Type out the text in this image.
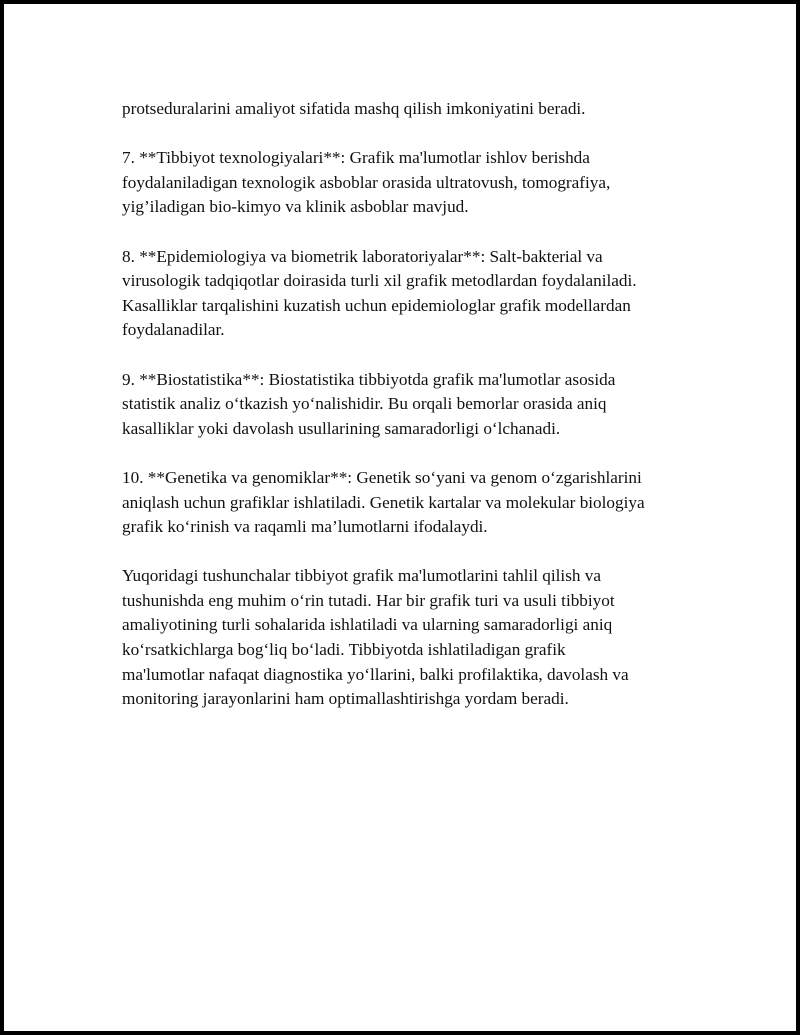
protseduralarini amaliyot sifatida mashq qilish imkoniyatini beradi.

7. **Tibbiyot texnologiyalari**: Grafik ma'lumotlar ishlov berishda
foydalaniladigan texnologik asboblar orasida ultratovush, tomografiya,
yig’iladigan bio-kimyo va klinik asboblar mavjud.

8. **Epidemiologiya va biometrik laboratoriyalar**: Salt-bakterial va
virusologik tadqiqotlar doirasida turli xil grafik metodlardan foydalaniladi.
Kasalliklar tarqalishini kuzatish uchun epidemiologlar grafik modellardan
foydalanadilar.

9. **Biostatistika**: Biostatistika tibbiyotda grafik ma'lumotlar asosida
statistik analiz o‘tkazish yo‘nalishidir. Bu orqali bemorlar orasida aniq
kasalliklar yoki davolash usullarining samaradorligi o‘lchanadi.

10. **Genetika va genomiklar**: Genetik so‘yani va genom o‘zgarishlarini
aniqlash uchun grafiklar ishlatiladi. Genetik kartalar va molekular biologiya
grafik ko‘rinish va raqamli ma’lumotlarni ifodalaydi.

Yuqoridagi tushunchalar tibbiyot grafik ma'lumotlarini tahlil qilish va
tushunishda eng muhim o‘rin tutadi. Har bir grafik turi va usuli tibbiyot
amaliyotining turli sohalarida ishlatiladi va ularning samaradorligi aniq
ko‘rsatkichlarga bog‘liq bo‘ladi. Tibbiyotda ishlatiladigan grafik
ma'lumotlar nafaqat diagnostika yo‘llarini, balki profilaktika, davolash va
monitoring jarayonlarini ham optimallashtirishga yordam beradi.
